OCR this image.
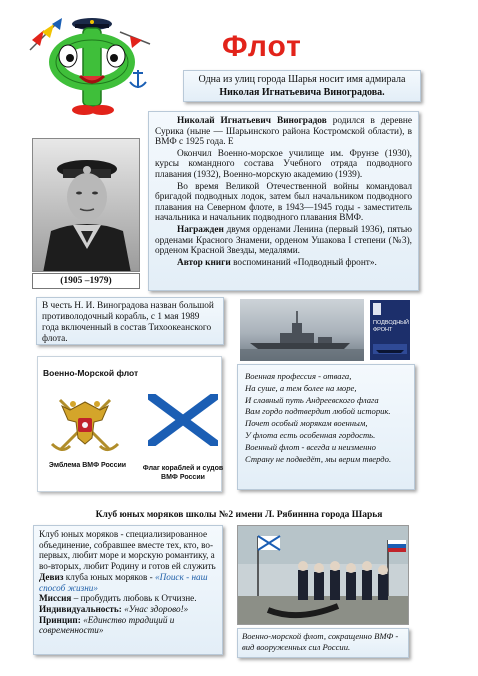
Флот
Одна из улиц города Шарья носит имя адмирала
Николая Игнатьевича Виноградова.
(1905 –1979)

Николай Игнатьевич Виноградов родился в деревне Сурика (ныне — Шарьинского района Костромской области), в ВМФ с 1925 года. Е

Окончил Военно-морское училище им. Фрунзе (1930), курсы командного состава Учебного отряда подводного плавания (1932), Военно-морскую академию (1939).

Во время Великой Отечественной войны командовал бригадой подводных лодок, затем был начальником подводного плавания на Северном флоте, в 1943—1945 годы - заместитель начальника и начальник подводного плавания ВМФ.

Награжден двумя орденами Ленина (первый 1936), пятью орденами Красного Знамени, орденом Ушакова I степени (№3), орденом Красной Звезды, медалями.

Автор книги воспоминаний «Подводный фронт».

В честь Н. И. Виноградова назван большой противолодочный корабль, с 1 мая 1989 года включенный в состав Тихоокеанского флота.
ПОДВОДНЫЙ ФРОНТ
Военно-Морской флот
Эмблема ВМФ России	Флаг кораблей и судов ВМФ России
Военная профессия - отвага,
На суше, а тем более на море,
И славный путь Андреевского флага
Вам гордо подтвердит любой историк.
Почет особый морякам военным,
У флота есть особенная гордость.
Военный флот - всегда и неизменно
Страну не подведёт, мы верим твердо.
Клуб юных моряков школы №2 имени Л. Рябиннна города Шарья
Клуб юных моряков - специализированное объединение, собравшее вместе тех, кто, во-первых, любит море и морскую романтику, а во-вторых, любит Родину и готов ей служить
Девиз клуба юных моряков - «Поиск - наш способ жизни»
Миссия – пробудить любовь к Отчизне.
Индивидуальность: «Унас здорово!»
Принцип: «Единство традиций и современности»
Военно-морской флот, сокращенно ВМФ - вид вооруженных сил России.
